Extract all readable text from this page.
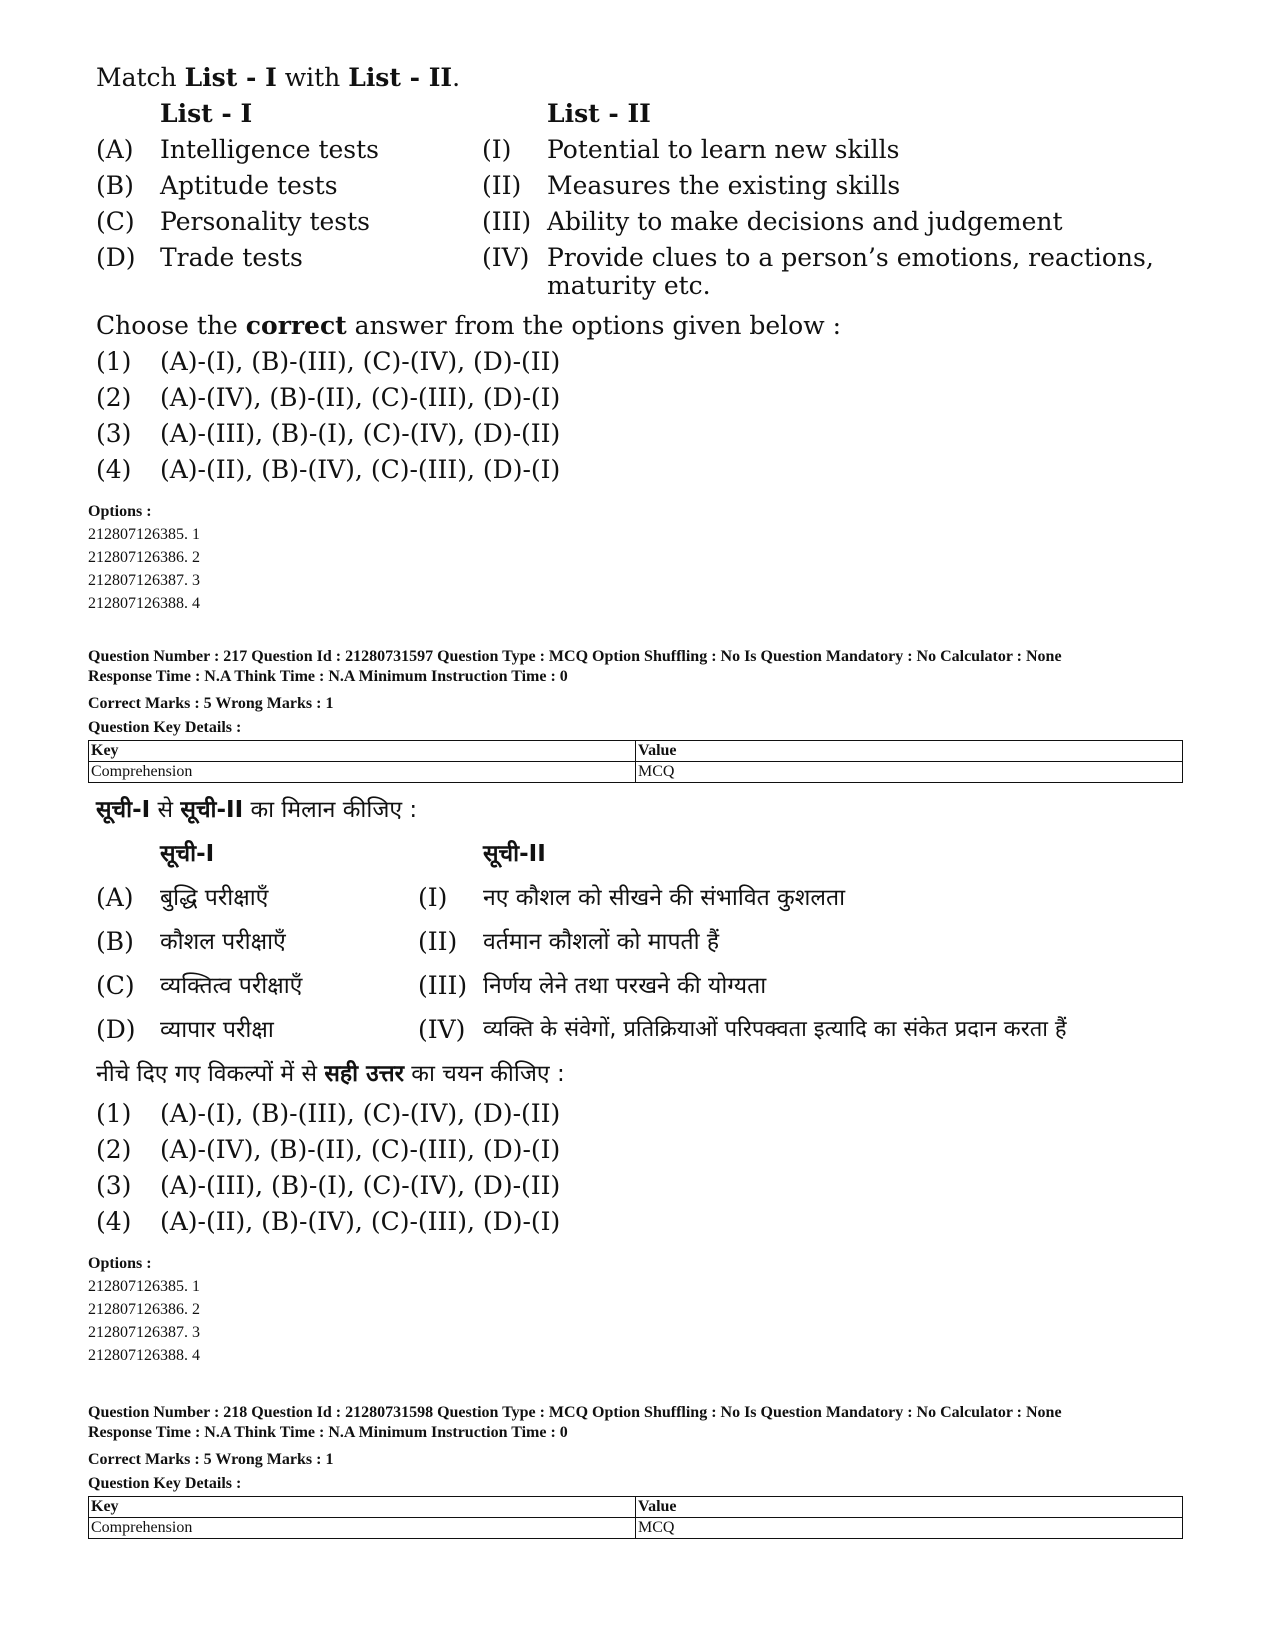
Match List - I with List - II.
List - I	List - II
(A) Intelligence tests	(I) Potential to learn new skills
(B) Aptitude tests	(II) Measures the existing skills
(C) Personality tests	(III) Ability to make decisions and judgement
(D) Trade tests	(IV) Provide clues to a person’s emotions, reactions, maturity etc.
Choose the correct answer from the options given below :
(1) (A)-(I), (B)-(III), (C)-(IV), (D)-(II)
(2) (A)-(IV), (B)-(II), (C)-(III), (D)-(I)
(3) (A)-(III), (B)-(I), (C)-(IV), (D)-(II)
(4) (A)-(II), (B)-(IV), (C)-(III), (D)-(I)
Options :
212807126385. 1
212807126386. 2
212807126387. 3
212807126388. 4
Question Number : 217 Question Id : 21280731597 Question Type : MCQ Option Shuffling : No Is Question Mandatory : No Calculator : None
Response Time : N.A Think Time : N.A Minimum Instruction Time : 0
Correct Marks : 5 Wrong Marks : 1
Question Key Details :
Key	Value
Comprehension	MCQ
सूची-I से सूची-II का मिलान कीजिए :
सूची-I	सूची-II
(A) बुद्धि परीक्षाएँ	(I) नए कौशल को सीखने की संभावित कुशलता
(B) कौशल परीक्षाएँ	(II) वर्तमान कौशलों को मापती हैं
(C) व्यक्तित्व परीक्षाएँ	(III) निर्णय लेने तथा परखने की योग्यता
(D) व्यापार परीक्षा	(IV) व्यक्ति के संवेगों, प्रतिक्रियाओं परिपक्वता इत्यादि का संकेत प्रदान करता हैं
नीचे दिए गए विकल्पों में से सही उत्तर का चयन कीजिए :
(1) (A)-(I), (B)-(III), (C)-(IV), (D)-(II)
(2) (A)-(IV), (B)-(II), (C)-(III), (D)-(I)
(3) (A)-(III), (B)-(I), (C)-(IV), (D)-(II)
(4) (A)-(II), (B)-(IV), (C)-(III), (D)-(I)
Options :
212807126385. 1
212807126386. 2
212807126387. 3
212807126388. 4
Question Number : 218 Question Id : 21280731598 Question Type : MCQ Option Shuffling : No Is Question Mandatory : No Calculator : None
Response Time : N.A Think Time : N.A Minimum Instruction Time : 0
Correct Marks : 5 Wrong Marks : 1
Question Key Details :
Key	Value
Comprehension	MCQ
